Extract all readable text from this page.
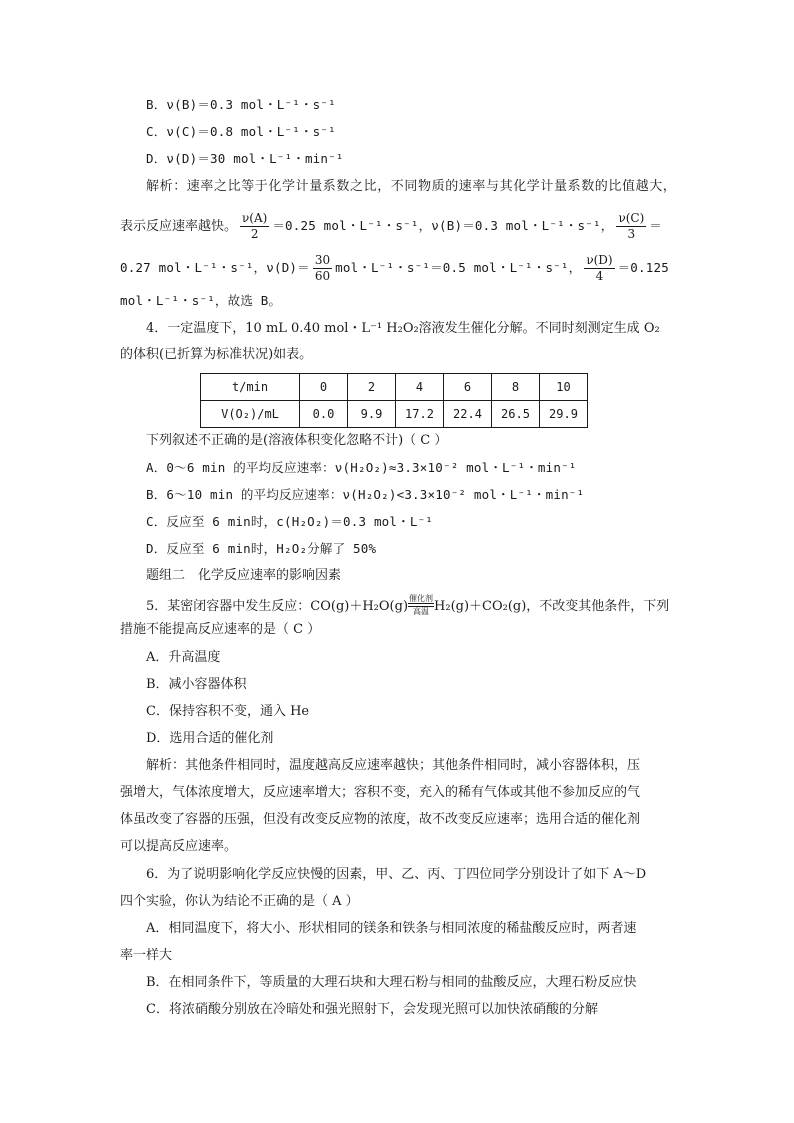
B．ν(B)＝0.3 mol・L⁻¹・s⁻¹
C．ν(C)＝0.8 mol・L⁻¹・s⁻¹
D．ν(D)＝30 mol・L⁻¹・min⁻¹
解析：速率之比等于化学计量系数之比，不同物质的速率与其化学计量系数的比值越大，
表示反应速率越快。 $\frac{\nu(A)}{2} =0.25$ mol・L⁻¹・s⁻¹，ν(B)＝0.3 mol・L⁻¹・s⁻¹， $\frac{\nu(C)}{3}$ ＝
0.27 mol・L⁻¹・s⁻¹，$\nu(D)= \frac{30}{60}$ mol・L⁻¹・s⁻¹＝0.5 mol・L⁻¹・s⁻¹， $\frac{\nu(D)}{4} =0.125$
mol・L⁻¹・s⁻¹，故选 B。
4．一定温度下，10 mL 0.40 mol・L⁻¹ H₂O₂溶液发生催化分解。不同时刻测定生成 O₂
的体积(已折算为标准状况)如表。
t/min	0	2	4	6	8	10
V(O₂)/mL	0.0	9.9	17.2	22.4	26.5	29.9
下列叙述不正确的是(溶液体积变化忽略不计)（ C ）
A．0～6 min 的平均反应速率：ν(H₂O₂)≈3.3×10⁻² mol・L⁻¹・min⁻¹
B．6～10 min 的平均反应速率：ν(H₂O₂)<3.3×10⁻² mol・L⁻¹・min⁻¹
C．反应至 6 min时，c(H₂O₂)＝0.3 mol・L⁻¹
D．反应至 6 min时，H₂O₂分解了 50%
题组二　化学反应速率的影响因素
5．某密闭容器中发生反应：CO(g)＋H₂O(g)催化剂
高温 H₂(g)＋CO₂(g)，不改变其他条件，下列
措施不能提高反应速率的是（ C ）
A．升高温度
B．减小容器体积
C．保持容积不变，通入 He
D．选用合适的催化剂
解析：其他条件相同时，温度越高反应速率越快；其他条件相同时，减小容器体积，压
强增大，气体浓度增大，反应速率增大；容积不变，充入的稀有气体或其他不参加反应的气
体虽改变了容器的压强，但没有改变反应物的浓度，故不改变反应速率；选用合适的催化剂
可以提高反应速率。
6．为了说明影响化学反应快慢的因素，甲、乙、丙、丁四位同学分别设计了如下 A～D
四个实验，你认为结论不正确的是（ A ）
A．相同温度下，将大小、形状相同的镁条和铁条与相同浓度的稀盐酸反应时，两者速
率一样大
B．在相同条件下，等质量的大理石块和大理石粉与相同的盐酸反应，大理石粉反应快
C．将浓硝酸分别放在冷暗处和强光照射下，会发现光照可以加快浓硝酸的分解
